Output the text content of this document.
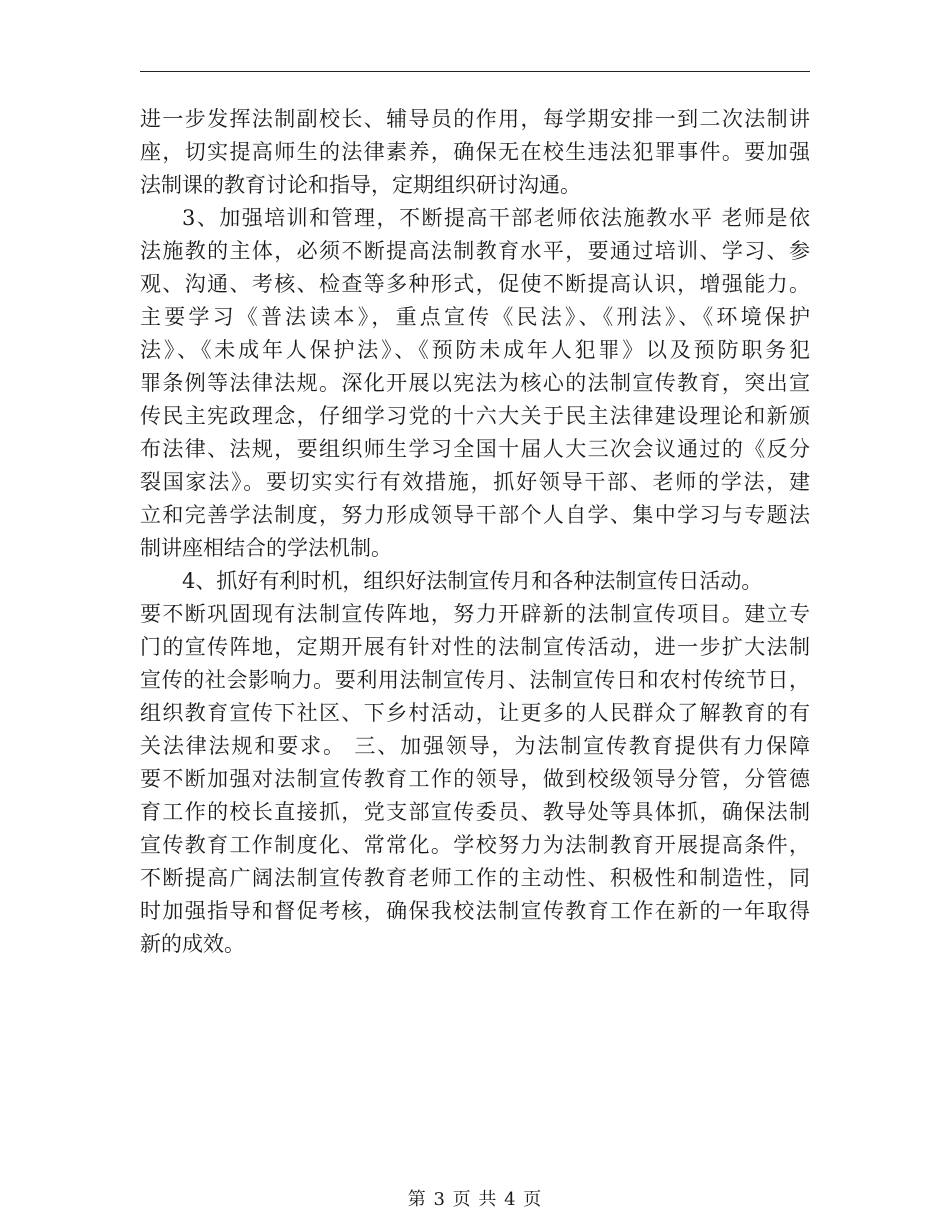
进一步发挥法制副校长、辅导员的作用，每学期安排一到二次法制讲
座，切实提高师生的法律素养，确保无在校生违法犯罪事件。要加强
法制课的教育讨论和指导，定期组织研讨沟通。
3、加强培训和管理，不断提高干部老师依法施教水平 老师是依
法施教的主体，必须不断提高法制教育水平，要通过培训、学习、参
观、沟通、考核、检查等多种形式，促使不断提高认识，增强能力。
主要学习《普法读本》，重点宣传《民法》、《刑法》、《环境保护
法》、《未成年人保护法》、《预防未成年人犯罪》以及预防职务犯
罪条例等法律法规。深化开展以宪法为核心的法制宣传教育，突出宣
传民主宪政理念，仔细学习党的十六大关于民主法律建设理论和新颁
布法律、法规，要组织师生学习全国十届人大三次会议通过的《反分
裂国家法》。要切实实行有效措施，抓好领导干部、老师的学法，建
立和完善学法制度，努力形成领导干部个人自学、集中学习与专题法
制讲座相结合的学法机制。
4、抓好有利时机，组织好法制宣传月和各种法制宣传日活动。
要不断巩固现有法制宣传阵地，努力开辟新的法制宣传项目。建立专
门的宣传阵地，定期开展有针对性的法制宣传活动，进一步扩大法制
宣传的社会影响力。要利用法制宣传月、法制宣传日和农村传统节日，
组织教育宣传下社区、下乡村活动，让更多的人民群众了解教育的有
关法律法规和要求。 三、加强领导，为法制宣传教育提供有力保障
要不断加强对法制宣传教育工作的领导，做到校级领导分管，分管德
育工作的校长直接抓，党支部宣传委员、教导处等具体抓，确保法制
宣传教育工作制度化、常常化。学校努力为法制教育开展提高条件，
不断提高广阔法制宣传教育老师工作的主动性、积极性和制造性，同
时加强指导和督促考核，确保我校法制宣传教育工作在新的一年取得
新的成效。
第 3 页 共 4 页
